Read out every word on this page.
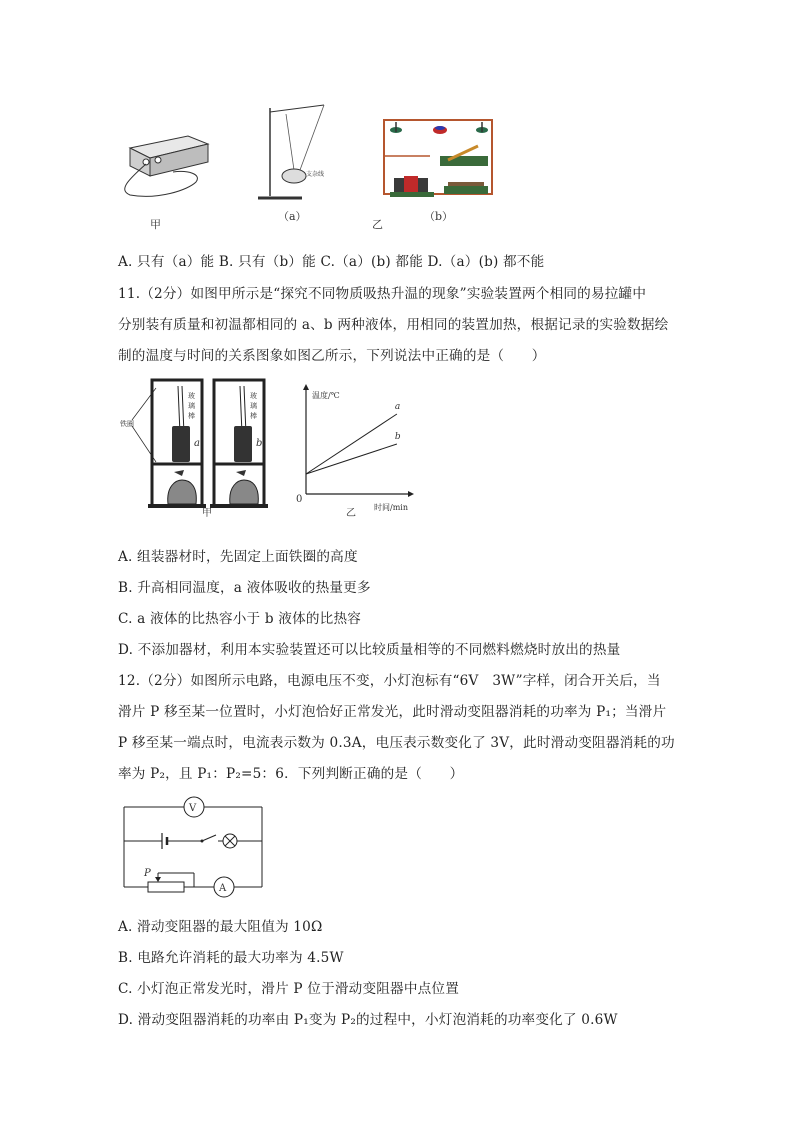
甲
支杂线
（a）
乙
（b）
A. 只有（a）能 B. 只有（b）能 C.（a）(b) 都能 D.（a）(b) 都不能
11.（2分）如图甲所示是“探究不同物质吸热升温的现象”实验装置两个相同的易拉罐中
分别装有质量和初温都相同的 a、b 两种液体，用相同的装置加热，根据记录的实验数据绘
制的温度与时间的关系图象如图乙所示，下列说法中正确的是（　　）
铁圈
玻
璃
棒
玻
璃
棒
a	b
甲
温度/℃
时间/min
0
a
b
乙
A. 组装器材时，先固定上面铁圈的高度
B. 升高相同温度，a 液体吸收的热量更多
C. a 液体的比热容小于 b 液体的比热容
D. 不添加器材，利用本实验装置还可以比较质量相等的不同燃料燃烧时放出的热量
12.（2分）如图所示电路，电源电压不变，小灯泡标有“6V　3W”字样，闭合开关后，当
滑片 P 移至某一位置时，小灯泡恰好正常发光，此时滑动变阻器消耗的功率为 P₁；当滑片
P 移至某一端点时，电流表示数为 0.3A，电压表示数变化了 3V，此时滑动变阻器消耗的功
率为 P₂，且 P₁：P₂=5：6．下列判断正确的是（　　）
V
P
A
A. 滑动变阻器的最大阻值为 10Ω
B. 电路允许消耗的最大功率为 4.5W
C. 小灯泡正常发光时，滑片 P 位于滑动变阻器中点位置
D. 滑动变阻器消耗的功率由 P₁变为 P₂的过程中，小灯泡消耗的功率变化了 0.6W
